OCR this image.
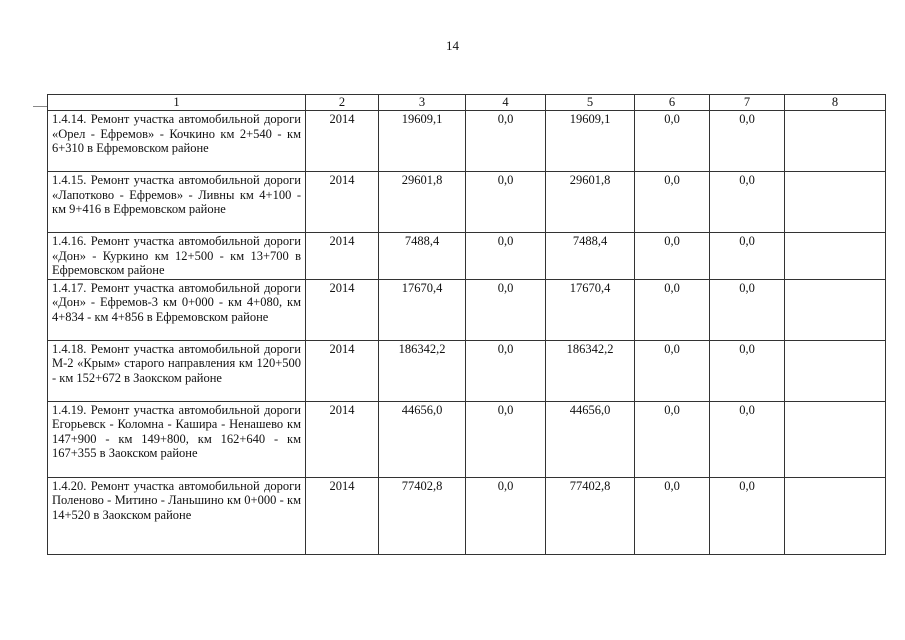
14
1	2	3	4	5	6	7	8
1.4.14. Ремонт участка автомобильной дороги «Орел - Ефремов» - Кочкино км 2+540 - км 6+310 в Ефремовском районе	2014	19609,1	0,0	19609,1	0,0	0,0	
1.4.15. Ремонт участка автомобильной дороги «Лапотково - Ефремов» - Ливны км 4+100 - км 9+416 в Ефремовском районе	2014	29601,8	0,0	29601,8	0,0	0,0	
1.4.16. Ремонт участка автомобильной дороги «Дон» - Куркино км 12+500 - км 13+700 в Ефремовском районе	2014	7488,4	0,0	7488,4	0,0	0,0	
1.4.17. Ремонт участка автомобильной дороги «Дон» - Ефремов-3 км 0+000 - км 4+080, км 4+834 - км 4+856 в Ефремовском районе	2014	17670,4	0,0	17670,4	0,0	0,0	
1.4.18. Ремонт участка автомобильной дороги М-2 «Крым» старого направления км 120+500 - км 152+672 в Заокском районе	2014	186342,2	0,0	186342,2	0,0	0,0	
1.4.19. Ремонт участка автомобильной дороги Егорьевск - Коломна - Кашира - Ненашево км 147+900 - км 149+800, км 162+640 - км 167+355 в Заокском районе	2014	44656,0	0,0	44656,0	0,0	0,0	
1.4.20. Ремонт участка автомобильной дороги Поленово - Митино - Ланьшино км 0+000 - км 14+520 в Заокском районе	2014	77402,8	0,0	77402,8	0,0	0,0	
